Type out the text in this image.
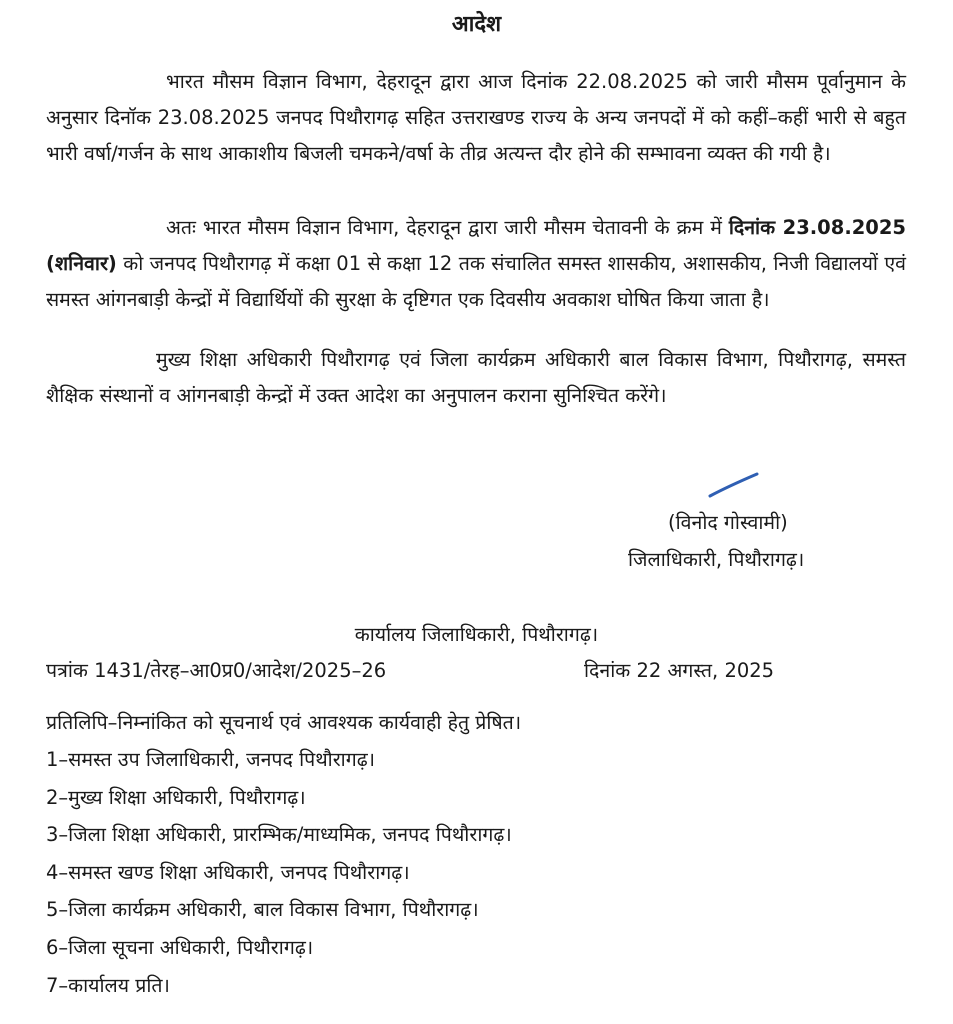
आदेश

भारत मौसम विज्ञान विभाग, देहरादून द्वारा आज दिनांक 22.08.2025 को जारी मौसम पूर्वानुमान के अनुसार दिनॉक 23.08.2025 जनपद पिथौरागढ़ सहित उत्तराखण्ड राज्य के अन्य जनपदों में को कहीं–कहीं भारी से बहुत भारी वर्षा/गर्जन के साथ आकाशीय बिजली चमकने/वर्षा के तीव्र अत्यन्त दौर होने की सम्भावना व्यक्त की गयी है।

अतः भारत मौसम विज्ञान विभाग, देहरादून द्वारा जारी मौसम चेतावनी के क्रम में दिनांक 23.08.2025 (शनिवार) को जनपद पिथौरागढ़ में कक्षा 01 से कक्षा 12 तक संचालित समस्त शासकीय, अशासकीय, निजी विद्यालयों एवं समस्त आंगनबाड़ी केन्द्रों में विद्यार्थियों की सुरक्षा के दृष्टिगत एक दिवसीय अवकाश घोषित किया जाता है।

मुख्य शिक्षा अधिकारी पिथौरागढ़ एवं जिला कार्यक्रम अधिकारी बाल विकास विभाग, पिथौरागढ़, समस्त शैक्षिक संस्थानों व आंगनबाड़ी केन्द्रों में उक्त आदेश का अनुपालन कराना सुनिश्चित करेंगे।

(विनोद गोस्वामी)
जिलाधिकारी, पिथौरागढ़।
कार्यालय जिलाधिकारी, पिथौरागढ़।
पत्रांक 1431/तेरह–आ0प्र0/आदेश/2025–26	दिनांक 22 अगस्त, 2025
प्रतिलिपि–निम्नांकित को सूचनार्थ एवं आवश्यक कार्यवाही हेतु प्रेषित।
1–समस्त उप जिलाधिकारी, जनपद पिथौरागढ़।
2–मुख्य शिक्षा अधिकारी, पिथौरागढ़।
3–जिला शिक्षा अधिकारी, प्रारम्भिक/माध्यमिक, जनपद पिथौरागढ़।
4–समस्त खण्ड शिक्षा अधिकारी, जनपद पिथौरागढ़।
5–जिला कार्यक्रम अधिकारी, बाल विकास विभाग, पिथौरागढ़।
6–जिला सूचना अधिकारी, पिथौरागढ़।
7–कार्यालय प्रति।
